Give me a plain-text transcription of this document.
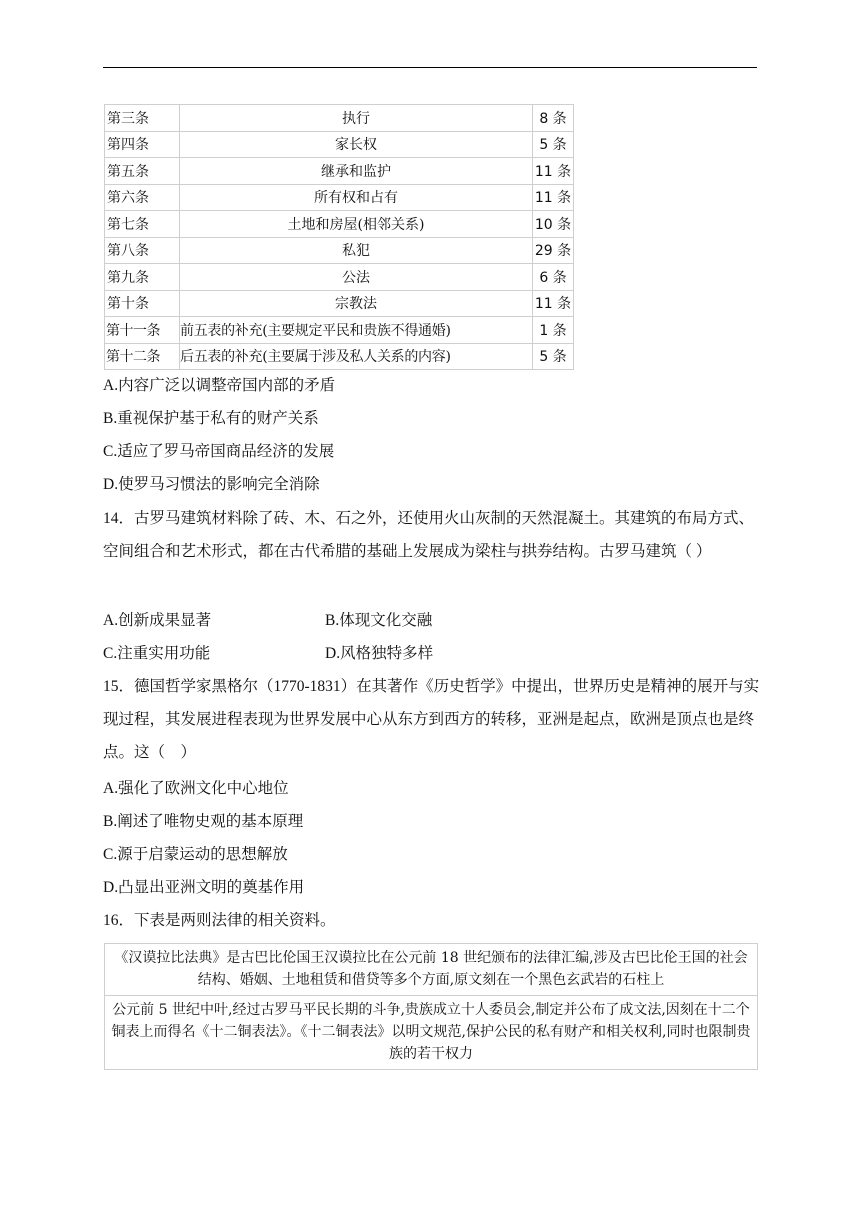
第三条	执行	8 条
第四条	家长权	5 条
第五条	继承和监护	11 条
第六条	所有权和占有	11 条
第七条	土地和房屋(相邻关系)	10 条
第八条	私犯	29 条
第九条	公法	6 条
第十条	宗教法	11 条
第十一条	前五表的补充(主要规定平民和贵族不得通婚)	1 条
第十二条	后五表的补充(主要属于涉及私人关系的内容)	5 条
A.内容广泛以调整帝国内部的矛盾
B.重视保护基于私有的财产关系
C.适应了罗马帝国商品经济的发展
D.使罗马习惯法的影响完全消除
14．古罗马建筑材料除了砖、木、石之外，还使用火山灰制的天然混凝土。其建筑的布局方式、空间组合和艺术形式，都在古代希腊的基础上发展成为梁柱与拱券结构。古罗马建筑（ ）
A.创新成果显著	B.体现文化交融
C.注重实用功能	D.风格独特多样
15．德国哲学家黑格尔（1770-1831）在其著作《历史哲学》中提出，世界历史是精神的展开与实现过程，其发展进程表现为世界发展中心从东方到西方的转移，亚洲是起点，欧洲是顶点也是终点。这（　）
A.强化了欧洲文化中心地位
B.阐述了唯物史观的基本原理
C.源于启蒙运动的思想解放
D.凸显出亚洲文明的奠基作用
16．下表是两则法律的相关资料。
《汉谟拉比法典》是古巴比伦国王汉谟拉比在公元前 18 世纪颁布的法律汇编,涉及古巴比伦王国的社会结构、婚姻、土地租赁和借贷等多个方面,原文刻在一个黑色玄武岩的石柱上
公元前 5 世纪中叶,经过古罗马平民长期的斗争,贵族成立十人委员会,制定并公布了成文法,因刻在十二个铜表上而得名《十二铜表法》。《十二铜表法》以明文规范,保护公民的私有财产和相关权利,同时也限制贵族的若干权力
